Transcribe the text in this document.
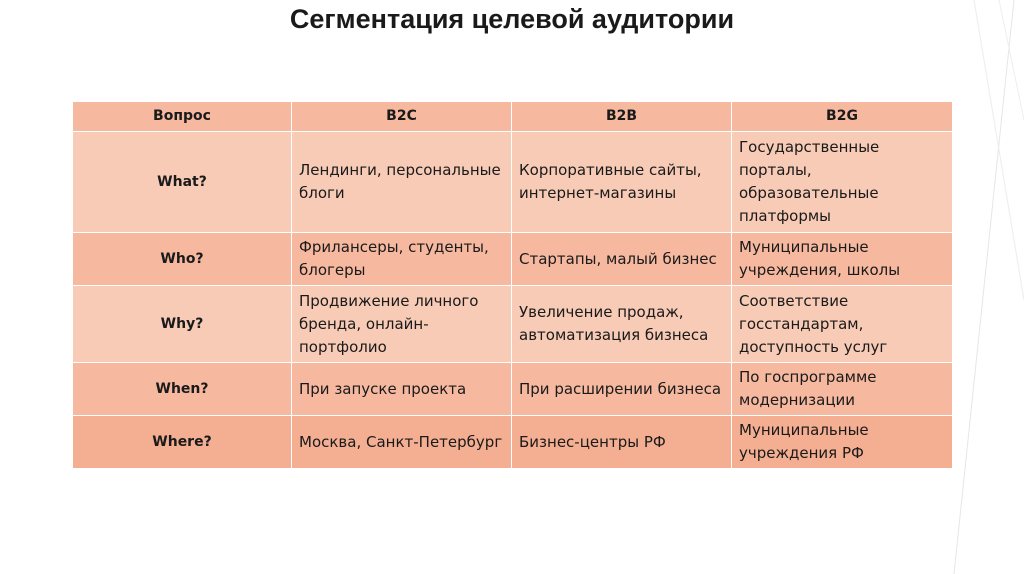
Сегментация целевой аудитории
Вопрос	B2C	B2B	B2G
What?	Лендинги, персональные блоги	Корпоративные сайты, интернет-магазины	Государственные порталы, образовательные платформы
Who?	Фрилансеры, студенты, блогеры	Стартапы, малый бизнес	Муниципальные учреждения, школы
Why?	Продвижение личного бренда, онлайн-портфолио	Увеличение продаж, автоматизация бизнеса	Соответствие госстандартам, доступность услуг
When?	При запуске проекта	При расширении бизнеса	По госпрограмме модернизации
Where?	Москва, Санкт-Петербург	Бизнес-центры РФ	Муниципальные учреждения РФ
